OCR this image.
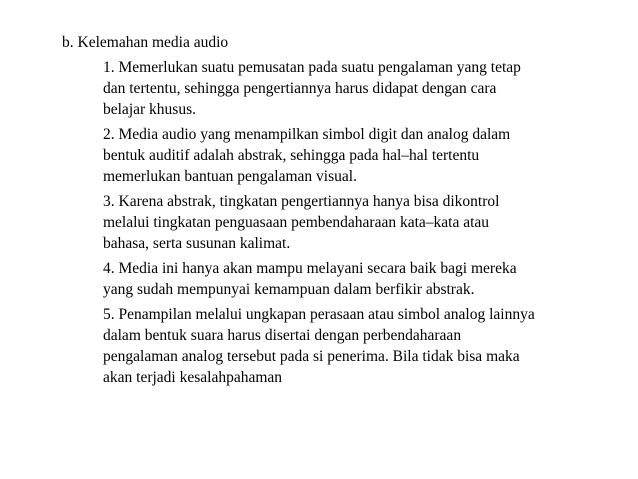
b. Kelemahan media audio
1. Memerlukan suatu pemusatan pada suatu pengalaman yang tetap
dan tertentu, sehingga pengertiannya harus didapat dengan cara
belajar khusus.
2. Media audio yang menampilkan simbol digit dan analog dalam
bentuk auditif adalah abstrak, sehingga pada hal–hal tertentu
memerlukan bantuan pengalaman visual.
3. Karena abstrak, tingkatan pengertiannya hanya bisa dikontrol
melalui tingkatan penguasaan pembendaharaan kata–kata atau
bahasa, serta susunan kalimat.
4. Media ini hanya akan mampu melayani secara baik bagi mereka
yang sudah mempunyai kemampuan dalam berfikir abstrak.
5. Penampilan melalui ungkapan perasaan atau simbol analog lainnya
dalam bentuk suara harus disertai dengan perbendaharaan
pengalaman analog tersebut pada si penerima. Bila tidak bisa maka
akan terjadi kesalahpahaman
